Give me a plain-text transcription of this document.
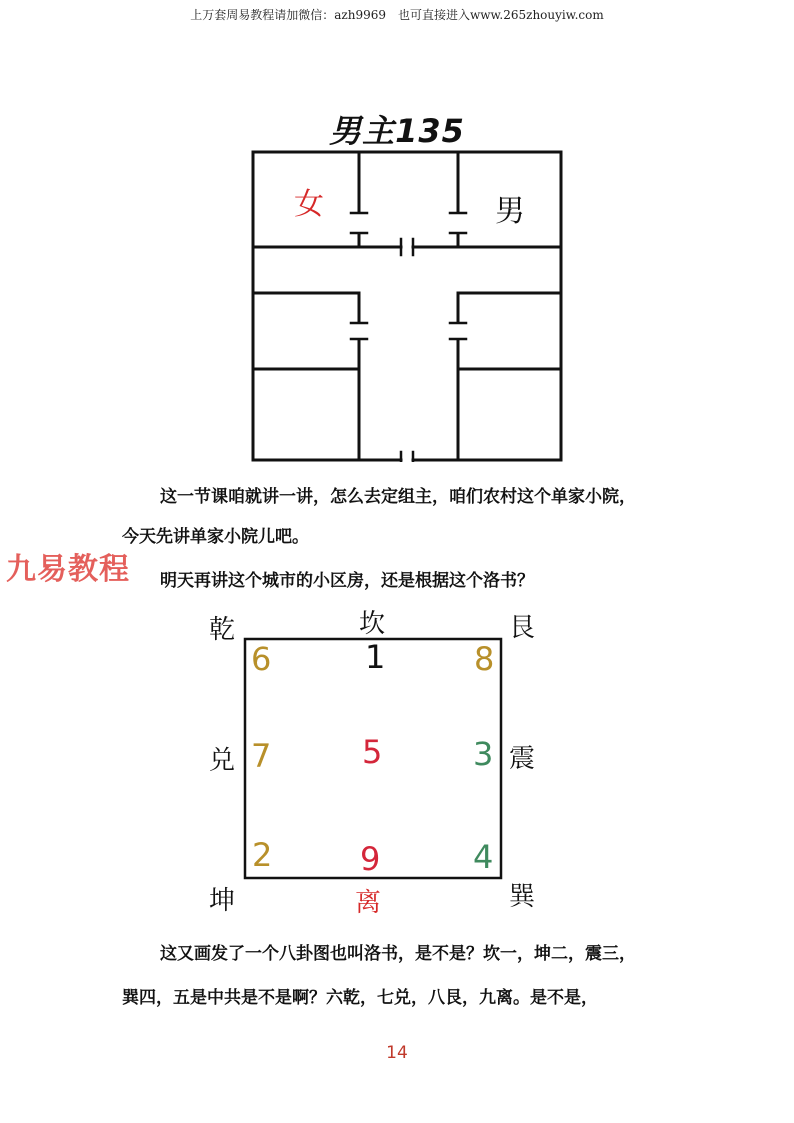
上万套周易教程请加微信：azh9969　也可直接进入www.265zhouyiw.com
男主135
女	男
这一节课咱就讲一讲，怎么去定组主，咱们农村这个单家小院，
今天先讲单家小院儿吧。
九易教程 明天再讲这个城市的小区房，还是根据这个洛书？
乾	坎	艮
兑	震
坤	离	巽
6	1	8
7	5	3
2	9	4
这又画发了一个八卦图也叫洛书，是不是？坎一，坤二，震三，
巽四，五是中共是不是啊？六乾，七兑，八艮，九离。是不是，
14
